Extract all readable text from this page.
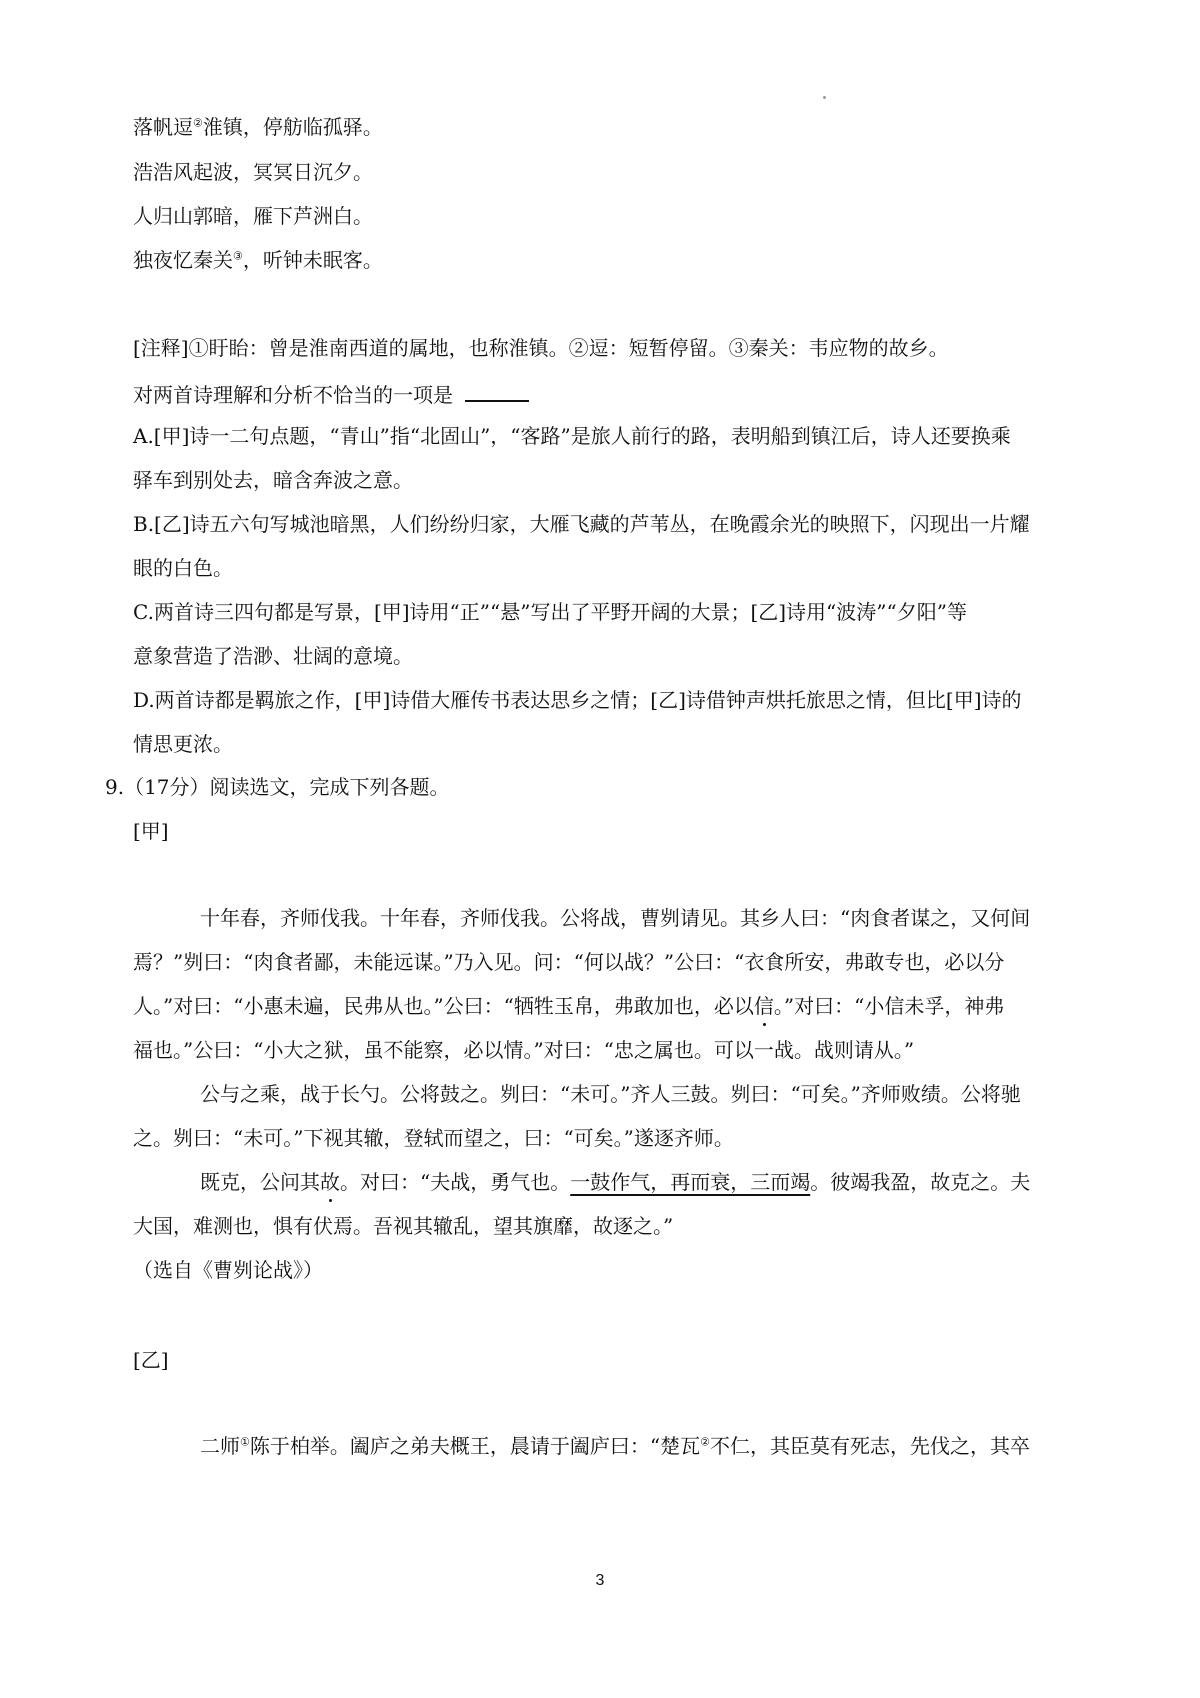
落帆逗②淮镇，停舫临孤驿。
浩浩风起波，冥冥日沉夕。
人归山郭暗，雁下芦洲白。
独夜忆秦关③，听钟未眠客。
[注释]①盱眙：曾是淮南西道的属地，也称淮镇。②逗：短暂停留。③秦关：韦应物的故乡。
对两首诗理解和分析不恰当的一项是
A.[甲]诗一二句点题，“青山”指“北固山”，“客路”是旅人前行的路，表明船到镇江后，诗人还要换乘
驿车到别处去，暗含奔波之意。
B.[乙]诗五六句写城池暗黑，人们纷纷归家，大雁飞藏的芦苇丛，在晚霞余光的映照下，闪现出一片耀
眼的白色。
C.两首诗三四句都是写景，[甲]诗用“正”“悬”写出了平野开阔的大景；[乙]诗用“波涛”“夕阳”等
意象营造了浩渺、壮阔的意境。
D.两首诗都是羁旅之作，[甲]诗借大雁传书表达思乡之情；[乙]诗借钟声烘托旅思之情，但比[甲]诗的
情思更浓。
9.（17分）阅读选文，完成下列各题。
[甲]
十年春，齐师伐我。十年春，齐师伐我。公将战，曹刿请见。其乡人曰：“肉食者谋之，又何间
焉？”刿曰：“肉食者鄙，未能远谋。”乃入见。问：“何以战？”公曰：“衣食所安，弗敢专也，必以分
人。”对曰：“小惠未遍，民弗从也。”公曰：“牺牲玉帛，弗敢加也，必以信。”对曰：“小信未孚，神弗
福也。”公曰：“小大之狱，虽不能察，必以情。”对曰：“忠之属也。可以一战。战则请从。”
公与之乘，战于长勺。公将鼓之。刿曰：“未可。”齐人三鼓。刿曰：“可矣。”齐师败绩。公将驰
之。刿曰：“未可。”下视其辙，登轼而望之，曰：“可矣。”遂逐齐师。
既克，公问其故。对曰：“夫战，勇气也。一鼓作气，再而衰，三而竭。彼竭我盈，故克之。夫
大国，难测也，惧有伏焉。吾视其辙乱，望其旗靡，故逐之。”
（选自《曹刿论战》）
[乙]
二师①陈于柏举。阖庐之弟夫概王，晨请于阖庐曰：“楚瓦②不仁，其臣莫有死志，先伐之，其卒
3
